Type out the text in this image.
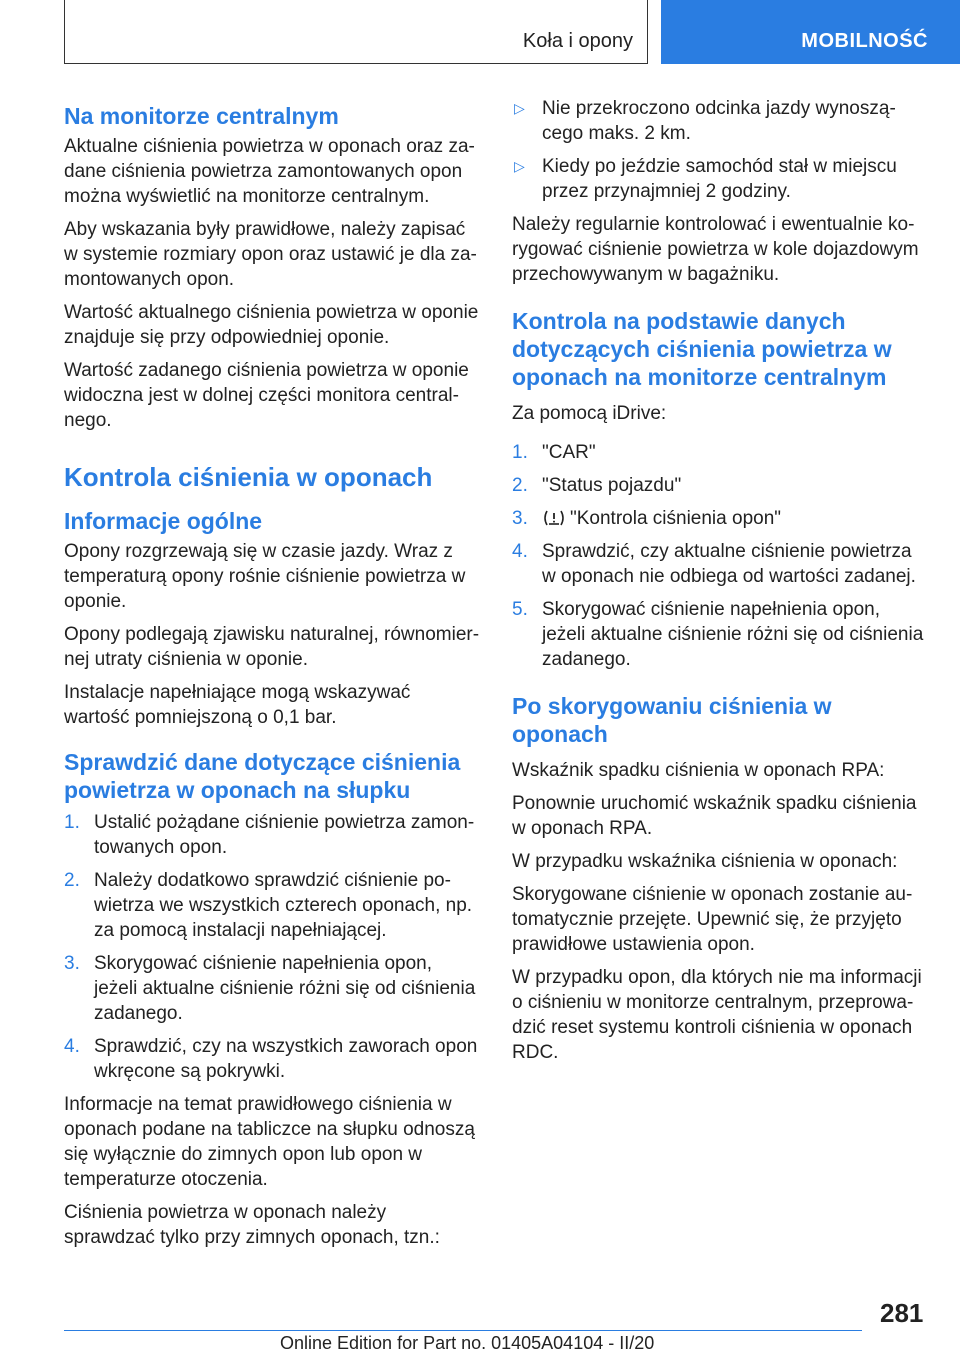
Koła i opony	MOBILNOŚĆ
Na monitorze centralnym

Aktualne ciśnienia powietrza w oponach oraz zadane ciśnienia powietrza zamontowanych opon można wyświetlić na monitorze centralnym.

Aby wskazania były prawidłowe, należy zapisać w systemie rozmiary opon oraz ustawić je dla zamontowanych opon.

Wartość aktualnego ciśnienia powietrza w oponie znajduje się przy odpowiedniej oponie.

Wartość zadanego ciśnienia powietrza w oponie widoczna jest w dolnej części monitora centralnego.

Kontrola ciśnienia w oponach
Informacje ogólne

Opony rozgrzewają się w czasie jazdy. Wraz z temperaturą opony rośnie ciśnienie powietrza w oponie.

Opony podlegają zjawisku naturalnej, równomiernej utraty ciśnienia w oponie.

Instalacje napełniające mogą wskazywać wartość pomniejszoną o 0,1 bar.

Sprawdzić dane dotyczące ciśnienia powietrza w oponach na słupku
1. Ustalić pożądane ciśnienie powietrza zamontowanych opon.
2. Należy dodatkowo sprawdzić ciśnienie powietrza we wszystkich czterech oponach, np. za pomocą instalacji napełniającej.
3. Skorygować ciśnienie napełnienia opon, jeżeli aktualne ciśnienie różni się od ciśnienia zadanego.
4. Sprawdzić, czy na wszystkich zaworach opon wkręcone są pokrywki.

Informacje na temat prawidłowego ciśnienia w oponach podane na tabliczce na słupku odnoszą się wyłącznie do zimnych opon lub opon w temperaturze otoczenia.

Ciśnienia powietrza w oponach należy sprawdzać tylko przy zimnych oponach, tzn.:

▷ Nie przekroczono odcinka jazdy wynoszącego maks. 2 km.
▷ Kiedy po jeździe samochód stał w miejscu przez przynajmniej 2 godziny.

Należy regularnie kontrolować i ewentualnie korygować ciśnienie powietrza w kole dojazdowym przechowywanym w bagażniku.

Kontrola na podstawie danych dotyczących ciśnienia powietrza w oponach na monitorze centralnym

Za pomocą iDrive:

1. "CAR"
2. "Status pojazdu"
3. "Kontrola ciśnienia opon"
4. Sprawdzić, czy aktualne ciśnienie powietrza w oponach nie odbiega od wartości zadanej.
5. Skorygować ciśnienie napełnienia opon, jeżeli aktualne ciśnienie różni się od ciśnienia zadanego.
Po skorygowaniu ciśnienia w oponach

Wskaźnik spadku ciśnienia w oponach RPA:

Ponownie uruchomić wskaźnik spadku ciśnienia w oponach RPA.

W przypadku wskaźnika ciśnienia w oponach:

Skorygowane ciśnienie w oponach zostanie automatycznie przejęte. Upewnić się, że przyjęto prawidłowe ustawienia opon.

W przypadku opon, dla których nie ma informacji o ciśnieniu w monitorze centralnym, przeprowadzić reset systemu kontroli ciśnienia w oponach RDC.

281
Online Edition for Part no. 01405A04104 - II/20
